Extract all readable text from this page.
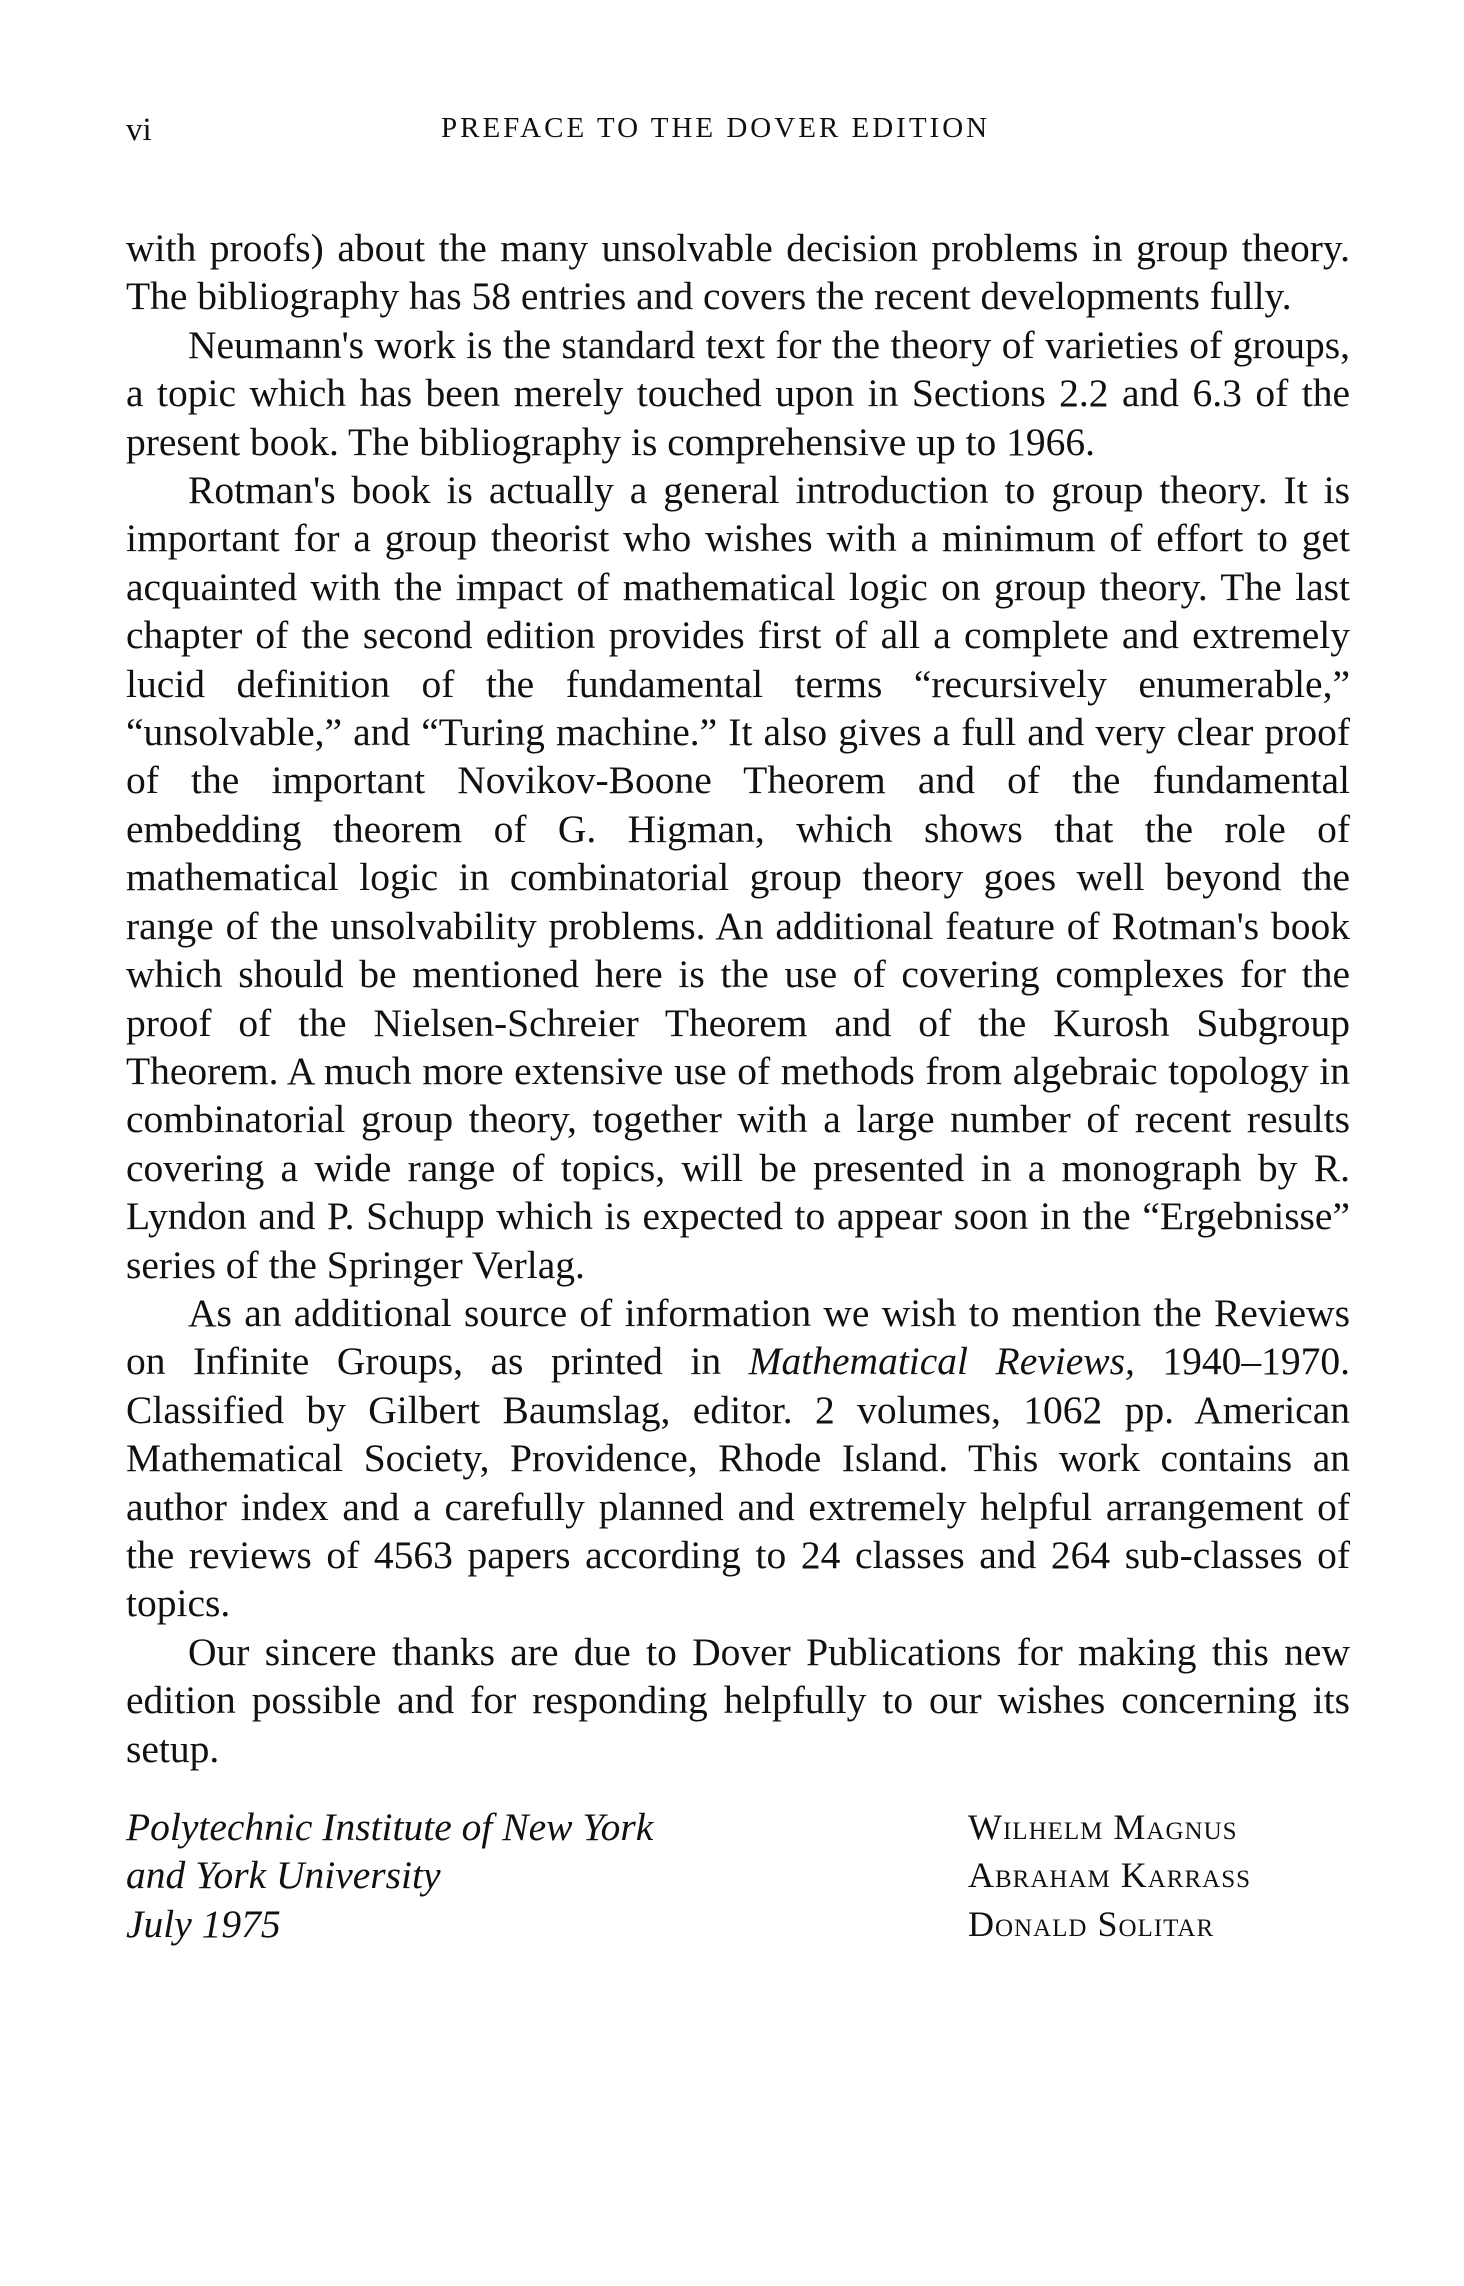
vi	PREFACE TO THE DOVER EDITION

with proofs) about the many unsolvable decision problems in group theory. The bibliography has 58 entries and covers the recent developments fully.

Neumann's work is the standard text for the theory of varieties of groups, a topic which has been merely touched upon in Sections 2.2 and 6.3 of the present book. The bibliography is comprehensive up to 1966.

Rotman's book is actually a general introduction to group theory. It is important for a group theorist who wishes with a minimum of effort to get acquainted with the impact of mathematical logic on group theory. The last chapter of the second edition provides first of all a complete and extremely lucid definition of the fundamental terms “recursively enumerable,” “unsolvable,” and “Turing machine.” It also gives a full and very clear proof of the important Novikov-Boone Theorem and of the fundamental embedding theorem of G. Higman, which shows that the role of mathematical logic in combinatorial group theory goes well beyond the range of the unsolvability problems. An additional feature of Rotman's book which should be mentioned here is the use of covering complexes for the proof of the Nielsen-Schreier Theorem and of the Kurosh Subgroup Theorem. A much more extensive use of methods from algebraic topology in combinatorial group theory, together with a large number of recent results covering a wide range of topics, will be presented in a monograph by R. Lyndon and P. Schupp which is expected to appear soon in the “Ergebnisse” series of the Springer Verlag.

As an additional source of information we wish to mention the Reviews on Infinite Groups, as printed in Mathematical Reviews, 1940–1970. Classified by Gilbert Baumslag, editor. 2 volumes, 1062 pp. American Mathematical Society, Providence, Rhode Island. This work contains an author index and a carefully planned and extremely helpful arrangement of the reviews of 4563 papers according to 24 classes and 264 sub-classes of topics.

Our sincere thanks are due to Dover Publications for making this new edition possible and for responding helpfully to our wishes concerning its setup.

Polytechnic Institute of New York
and York University
July 1975
Wilhelm Magnus
Abraham Karrass
Donald Solitar
